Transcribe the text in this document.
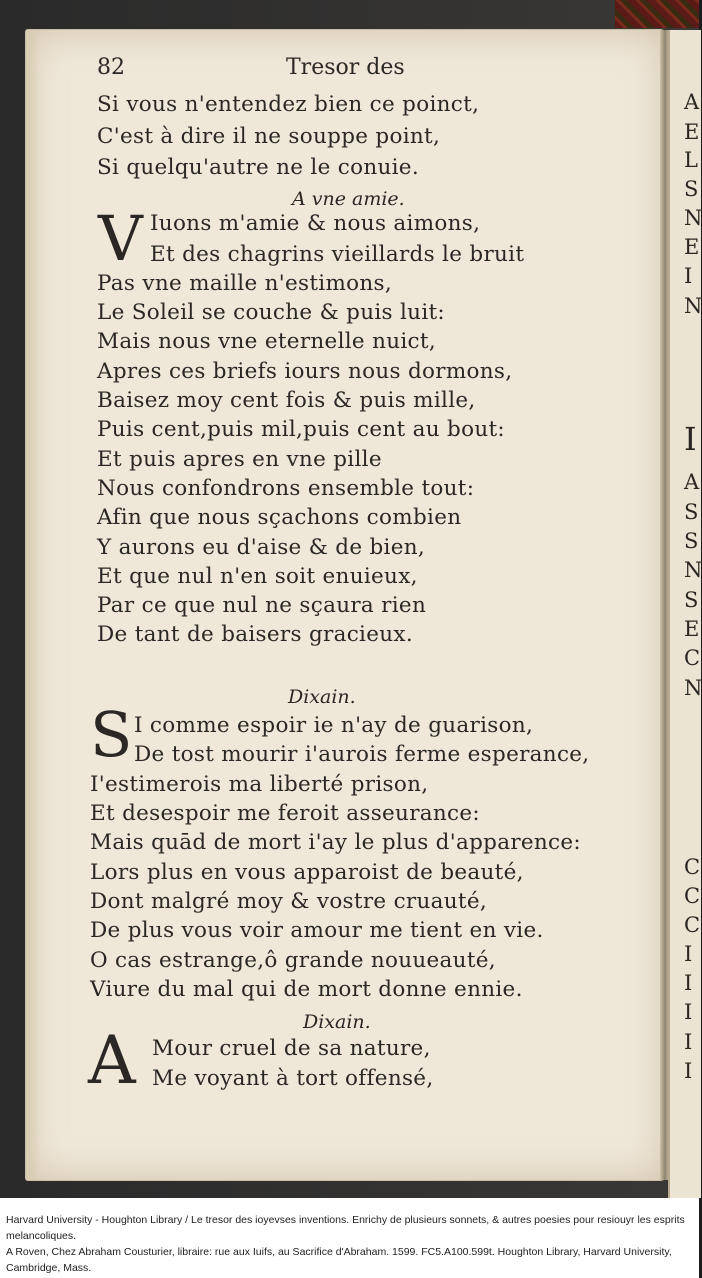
82	Tresor des
Si vous n'entendez bien ce poinct,
C'est à dire il ne souppe point,
Si quelqu'autre ne le conuie.
A vne amie.
V Iuons m'amie & nous aimons,
Et des chagrins vieillards le bruit
Pas vne maille n'estimons,
Le Soleil se couche & puis luit:
Mais nous vne eternelle nuict,
Apres ces briefs iours nous dormons,
Baisez moy cent fois & puis mille,
Puis cent,puis mil,puis cent au bout:
Et puis apres en vne pille
Nous confondrons ensemble tout:
Afin que nous sçachons combien
Y aurons eu d'aise & de bien,
Et que nul n'en soit enuieux,
Par ce que nul ne sçaura rien
De tant de baisers gracieux.
Dixain.
S I comme espoir ie n'ay de guarison,
De tost mourir i'aurois ferme esperance,
I'estimerois ma liberté prison,
Et desespoir me feroit asseurance:
Mais quād de mort i'ay le plus d'apparence:
Lors plus en vous apparoist de beauté,
Dont malgré moy & vostre cruauté,
De plus vous voir amour me tient en vie.
O cas estrange,ô grande nouueauté,
Viure du mal qui de mort donne ennie.
Dixain.
A Mour cruel de sa nature,
Me voyant à tort offensé,
A
E
L
S
N
E
I
N
I
A
S
S
N
S
E
C
N
C
C
C
I
I
I
I
I

Harvard University - Houghton Library / Le tresor des ioyevses inventions. Enrichy de plusieurs sonnets, & autres poesies pour resiouyr les esprits melancoliques.

A Roven, Chez Abraham Cousturier, libraire: rue aux Iuifs, au Sacrifice d'Abraham. 1599. FC5.A100.599t. Houghton Library, Harvard University, Cambridge, Mass.
